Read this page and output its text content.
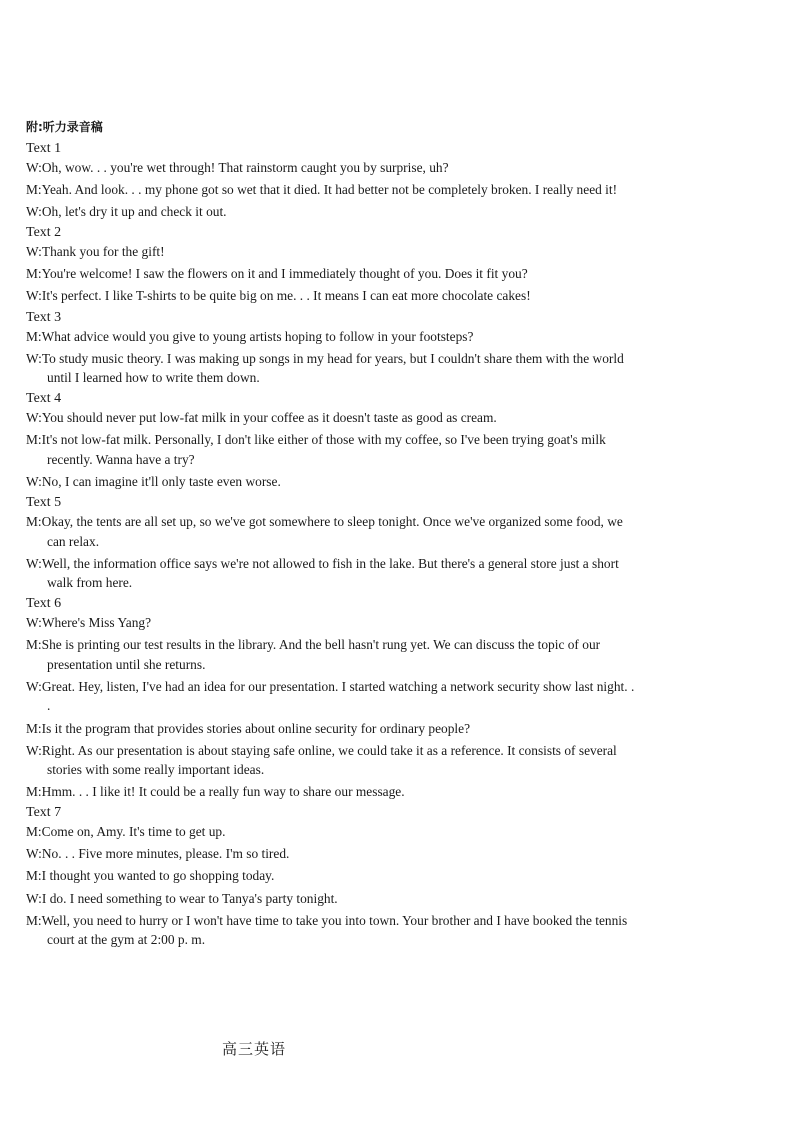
附:听力录音稿
Text 1
W:Oh, wow. . . you're wet through! That rainstorm caught you by surprise, uh?
M:Yeah. And look. . . my phone got so wet that it died. It had better not be completely broken. I really need it!
W:Oh, let's dry it up and check it out.
Text 2
W:Thank you for the gift!
M:You're welcome! I saw the flowers on it and I immediately thought of you. Does it fit you?
W:It's perfect. I like T-shirts to be quite big on me. . . It means I can eat more chocolate cakes!
Text 3
M:What advice would you give to young artists hoping to follow in your footsteps?
W:To study music theory. I was making up songs in my head for years, but I couldn't share them with the world until I learned how to write them down.
Text 4
W:You should never put low-fat milk in your coffee as it doesn't taste as good as cream.
M:It's not low-fat milk. Personally, I don't like either of those with my coffee, so I've been trying goat's milk recently. Wanna have a try?
W:No, I can imagine it'll only taste even worse.
Text 5
M:Okay, the tents are all set up, so we've got somewhere to sleep tonight. Once we've organized some food, we can relax.
W:Well, the information office says we're not allowed to fish in the lake. But there's a general store just a short walk from here.
Text 6
W:Where's Miss Yang?
M:She is printing our test results in the library. And the bell hasn't rung yet. We can discuss the topic of our presentation until she returns.
W:Great. Hey, listen, I've had an idea for our presentation. I started watching a network security show last night. . .
M:Is it the program that provides stories about online security for ordinary people?
W:Right. As our presentation is about staying safe online, we could take it as a reference. It consists of several stories with some really important ideas.
M:Hmm. . . I like it! It could be a really fun way to share our message.
Text 7
M:Come on, Amy. It's time to get up.
W:No. . . Five more minutes, please. I'm so tired.
M:I thought you wanted to go shopping today.
W:I do. I need something to wear to Tanya's party tonight.
M:Well, you need to hurry or I won't have time to take you into town. Your brother and I have booked the tennis court at the gym at 2:00 p. m.
高三英语
